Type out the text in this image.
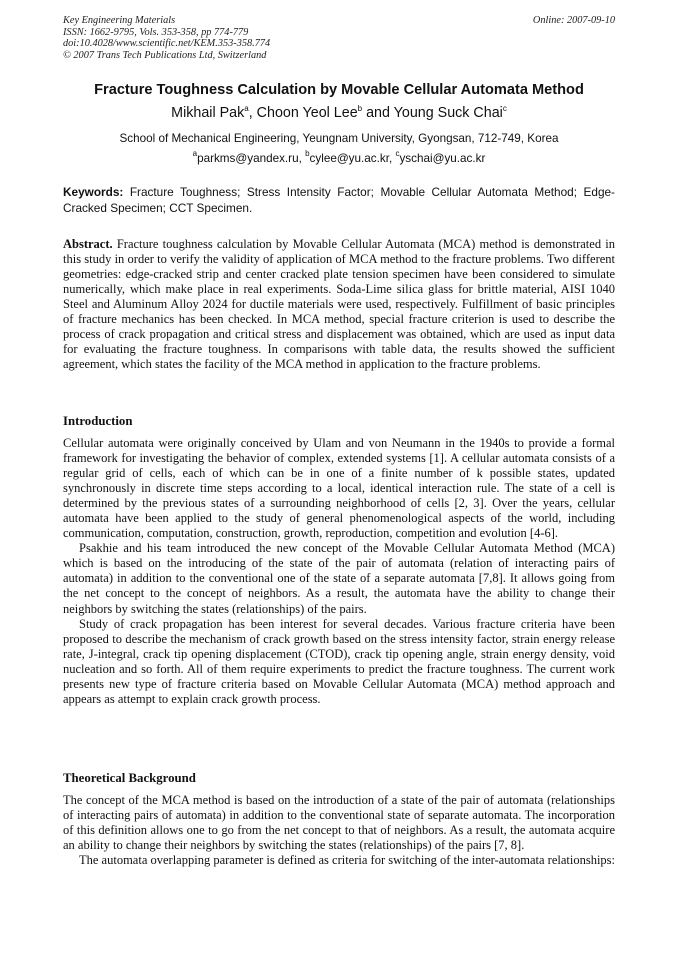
Key Engineering Materials
ISSN: 1662-9795, Vols. 353-358, pp 774-779
doi:10.4028/www.scientific.net/KEM.353-358.774
© 2007 Trans Tech Publications Ltd, Switzerland
Online: 2007-09-10
Fracture Toughness Calculation by Movable Cellular Automata Method
Mikhail Pak$^a$, Choon Yeol Lee$^b$ and Young Suck Chai$^c$
School of Mechanical Engineering, Yeungnam University, Gyongsan, 712-749, Korea
$^a$parkms@yandex.ru, $^b$cylee@yu.ac.kr, $^c$yschai@yu.ac.kr
Keywords: Fracture Toughness; Stress Intensity Factor; Movable Cellular Automata Method; Edge-Cracked Specimen; CCT Specimen.
Abstract. Fracture toughness calculation by Movable Cellular Automata (MCA) method is demonstrated in this study in order to verify the validity of application of MCA method to the fracture problems. Two different geometries: edge-cracked strip and center cracked plate tension specimen have been considered to simulate numerically, which make place in real experiments. Soda-Lime silica glass for brittle material, AISI 1040 Steel and Aluminum Alloy 2024 for ductile materials were used, respectively. Fulfillment of basic principles of fracture mechanics has been checked. In MCA method, special fracture criterion is used to describe the process of crack propagation and critical stress and displacement was obtained, which are used as input data for evaluating the fracture toughness. In comparisons with table data, the results showed the sufficient agreement, which states the facility of the MCA method in application to the fracture problems.
Introduction

Cellular automata were originally conceived by Ulam and von Neumann in the 1940s to provide a formal framework for investigating the behavior of complex, extended systems [1]. A cellular automata consists of a regular grid of cells, each of which can be in one of a finite number of k possible states, updated synchronously in discrete time steps according to a local, identical interaction rule. The state of a cell is determined by the previous states of a surrounding neighborhood of cells [2, 3]. Over the years, cellular automata have been applied to the study of general phenomenological aspects of the world, including communication, computation, construction, growth, reproduction, competition and evolution [4-6].

Psakhie and his team introduced the new concept of the Movable Cellular Automata Method (MCA) which is based on the introducing of the state of the pair of automata (relation of interacting pairs of automata) in addition to the conventional one of the state of a separate automata [7,8]. It allows going from the net concept to the concept of neighbors. As a result, the automata have the ability to change their neighbors by switching the states (relationships) of the pairs.

Study of crack propagation has been interest for several decades. Various fracture criteria have been proposed to describe the mechanism of crack growth based on the stress intensity factor, strain energy release rate, J-integral, crack tip opening displacement (CTOD), crack tip opening angle, strain energy density, void nucleation and so forth. All of them require experiments to predict the fracture toughness. The current work presents new type of fracture criteria based on Movable Cellular Automata (MCA) method approach and appears as attempt to explain crack growth process.

Theoretical Background

The concept of the MCA method is based on the introduction of a state of the pair of automata (relationships of interacting pairs of automata) in addition to the conventional state of separate automata. The incorporation of this definition allows one to go from the net concept to that of neighbors. As a result, the automata acquire an ability to change their neighbors by switching the states (relationships) of the pairs [7, 8].

The automata overlapping parameter is defined as criteria for switching of the inter-automata relationships:
